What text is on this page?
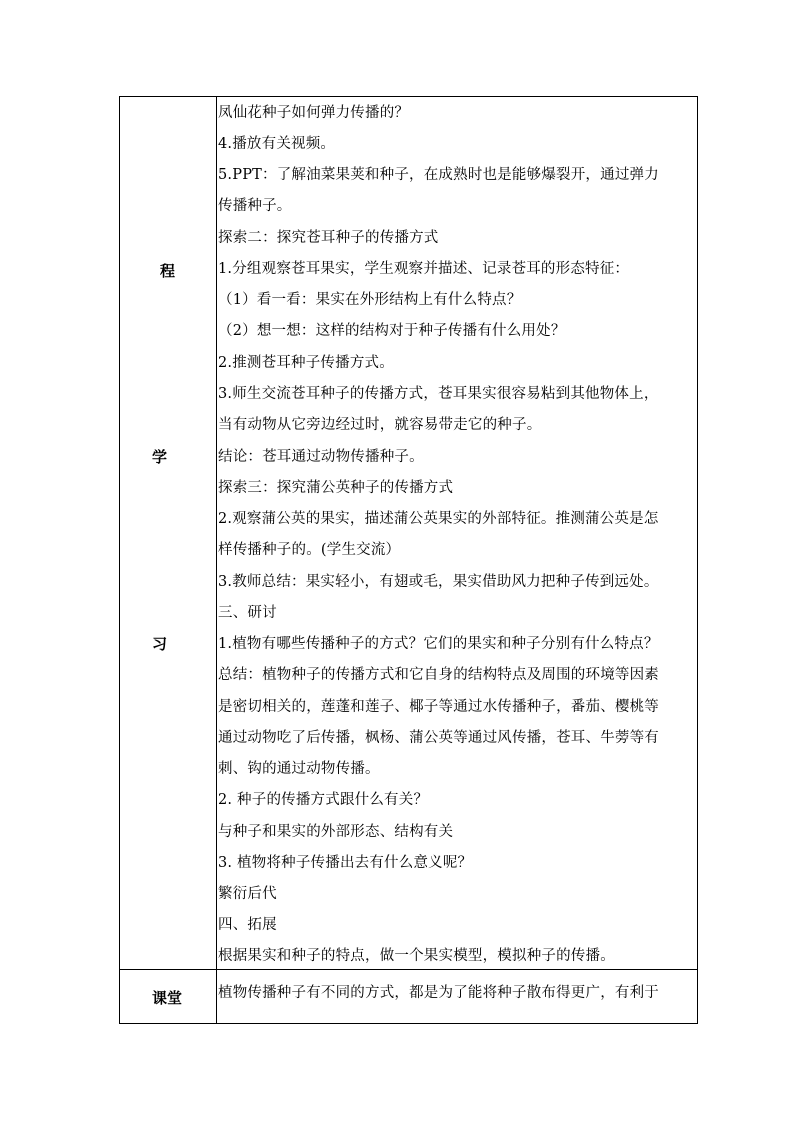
程
学
习
课堂
凤仙花种子如何弹力传播的？
4.播放有关视频。
5.PPT：了解油菜果荚和种子，在成熟时也是能够爆裂开，通过弹力
传播种子。
探索二：探究苍耳种子的传播方式
1.分组观察苍耳果实，学生观察并描述、记录苍耳的形态特征：
（1）看一看：果实在外形结构上有什么特点？
（2）想一想：这样的结构对于种子传播有什么用处？
2.推测苍耳种子传播方式。
3.师生交流苍耳种子的传播方式，苍耳果实很容易粘到其他物体上，
当有动物从它旁边经过时，就容易带走它的种子。
结论：苍耳通过动物传播种子。
探索三：探究蒲公英种子的传播方式
2.观察蒲公英的果实，描述蒲公英果实的外部特征。推测蒲公英是怎
样传播种子的。(学生交流）
3.教师总结：果实轻小，有翅或毛，果实借助风力把种子传到远处。
三、研讨
1.植物有哪些传播种子的方式？它们的果实和种子分别有什么特点？
总结：植物种子的传播方式和它自身的结构特点及周围的环境等因素
是密切相关的，莲蓬和莲子、椰子等通过水传播种子，番茄、樱桃等
通过动物吃了后传播，枫杨、蒲公英等通过风传播，苍耳、牛蒡等有
刺、钩的通过动物传播。
2. 种子的传播方式跟什么有关？
与种子和果实的外部形态、结构有关
3. 植物将种子传播出去有什么意义呢？
繁衍后代
四、拓展
根据果实和种子的特点，做一个果实模型，模拟种子的传播。
植物传播种子有不同的方式，都是为了能将种子散布得更广，有利于
